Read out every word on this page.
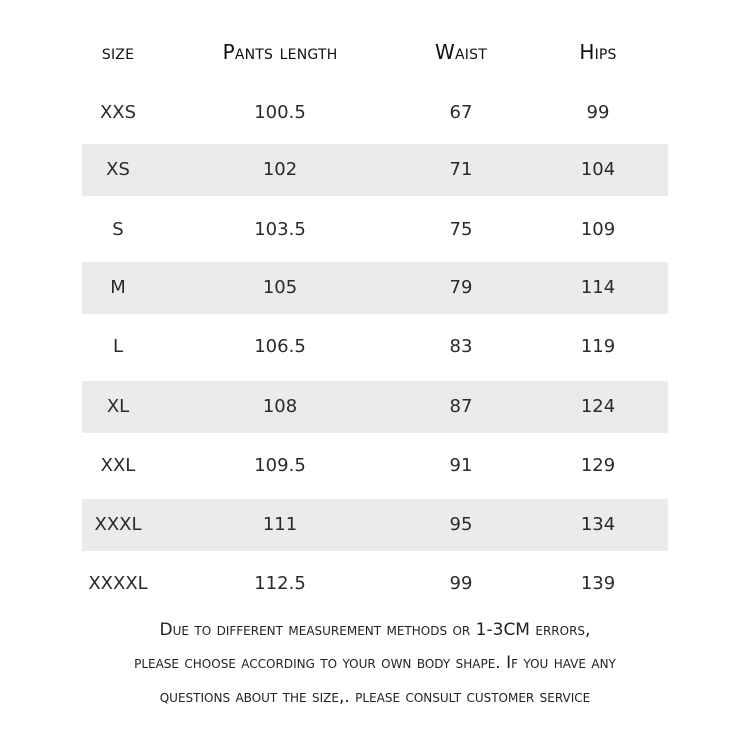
size	Pants length	Waist	Hips
XXS	100.5	67	99
XS	102	71	104
S	103.5	75	109
M	105	79	114
L	106.5	83	119
XL	108	87	124
XXL	109.5	91	129
XXXL	111	95	134
XXXXL	112.5	99	139
Due to different measurement methods or 1-3CM errors,
please choose according to your own body shape. If you have any
questions about the size,. please consult customer service
